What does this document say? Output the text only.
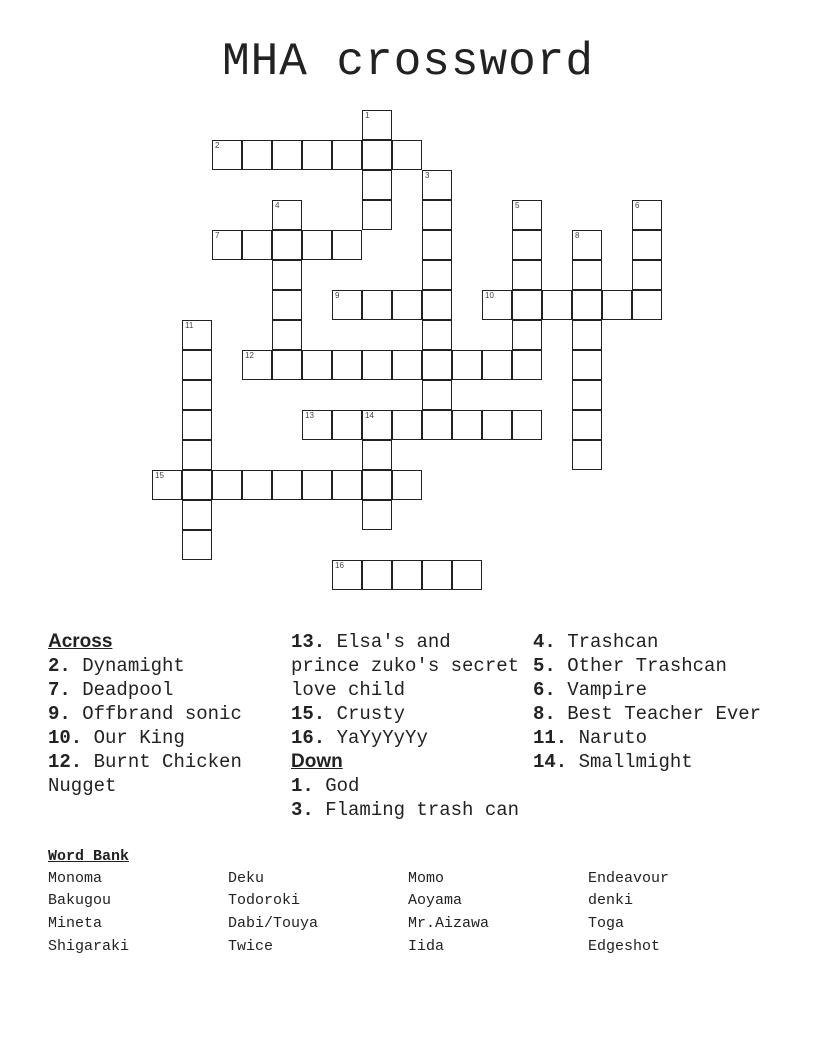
MHA crossword
1
2
3
4	5	6
7	8
9	10
11
12
13	14
15
16
Across
2. Dynamight
7. Deadpool
9. Offbrand sonic
10. Our King
12. Burnt Chicken Nugget
13. Elsa's and prince zuko's secret love child
15. Crusty
16. YaYyYyYy
Down
1. God
3. Flaming trash can
4. Trashcan
5. Other Trashcan
6. Vampire
8. Best Teacher Ever
11. Naruto
14. Smallmight
Word Bank
Monoma	Deku	Momo	Endeavour
Bakugou	Todoroki	Aoyama	denki
Mineta	Dabi/Touya	Mr.Aizawa	Toga
Shigaraki	Twice	Iida	Edgeshot
